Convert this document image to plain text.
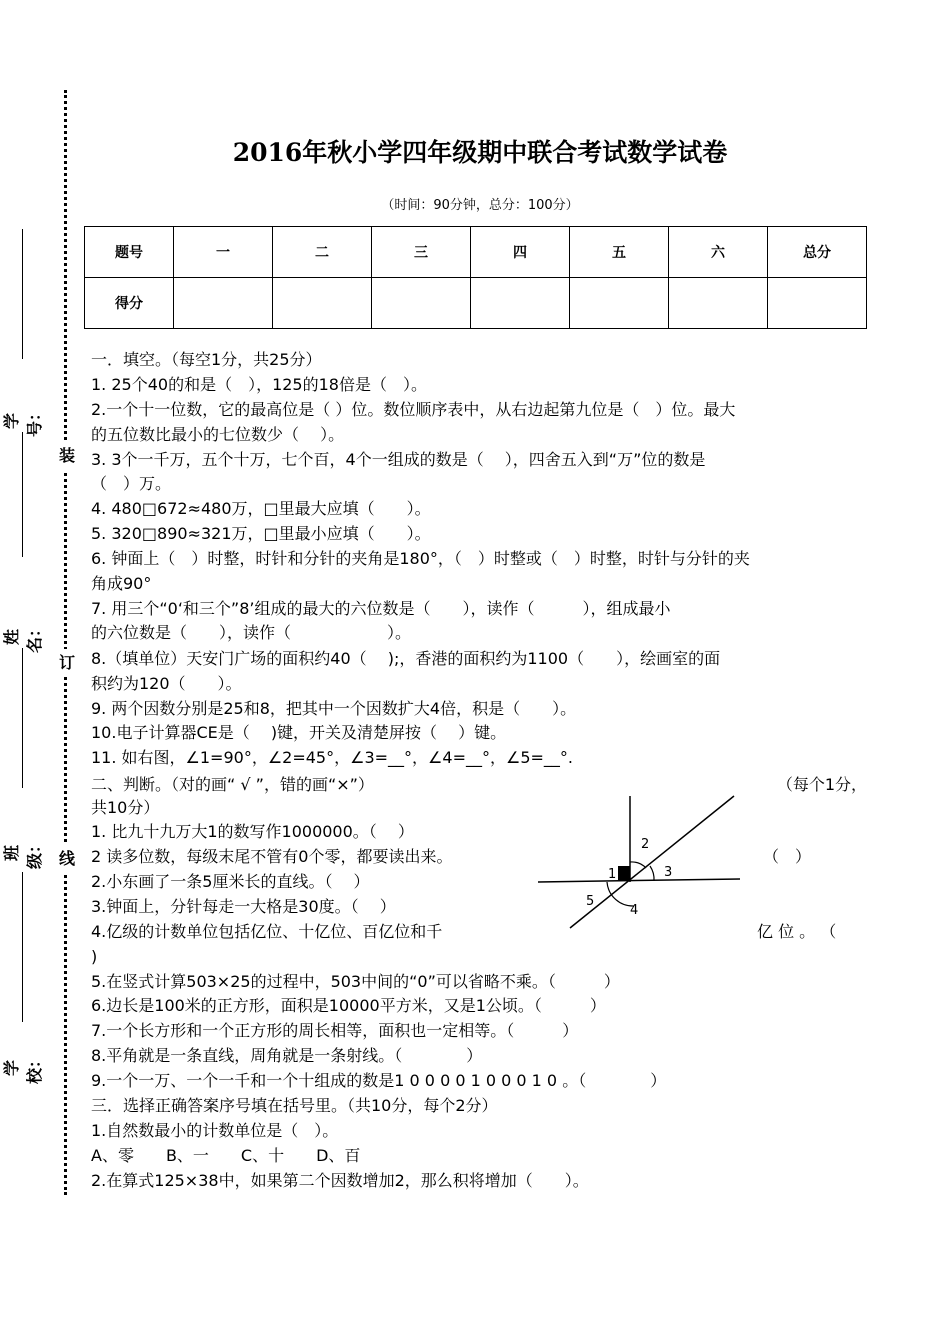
装
订
线
学号：
姓名：
班级：
学校：
2016年秋小学四年级期中联合考试数学试卷
（时间：90分钟，总分：100分）
题号	一	二	三	四	五	六	总分
得分							
一．填空。（每空1分，共25分）
1. 25个40的和是（　），125的18倍是（　）。
2.一个十一位数，它的最高位是（ ）位。数位顺序表中，从右边起第九位是（　）位。最大
的五位数比最小的七位数少（　 ）。
3. 3个一千万，五个十万，七个百，4个一组成的数是（　 ），四舍五入到“万”位的数是
（　）万。
4. 480□672≈480万，□里最大应填（　　）。
5. 320□890≈321万，□里最小应填（　　）。
6. 钟面上（　）时整，时针和分针的夹角是180°，（　）时整或（　）时整，时针与分针的夹
角成90°
7. 用三个“0‘和三个”8’组成的最大的六位数是（　　），读作（　　　），组成最小
的六位数是（　　），读作（　　　　　　）。
8.（填单位）天安门广场的面积约40（　 );，香港的面积约为1100（　　），绘画室的面
积约为120（　　）。
9. 两个因数分别是25和8，把其中一个因数扩大4倍，积是（　　）。
10.电子计算器CE是（　 )键，开关及清楚屏按（　 ）键。
11. 如右图，∠1=90°，∠2=45°，∠3=__°，∠4=__°，∠5=__°.
二、判断。（对的画“ √ ”，错的画“×”）	（每个1分，
共10分）
1. 比九十九万大1的数写作1000000。（　 ）
2 读多位数，每级末尾不管有0个零，都要读出来。	（　）
2.小东画了一条5厘米长的直线。（　 ）
3.钟面上，分针每走一大格是30度。（　 ）
4.亿级的计数单位包括亿位、十亿位、百亿位和千	亿 位 。 （
)
5.在竖式计算503×25的过程中，503中间的“0”可以省略不乘。（　　　）
6.边长是100米的正方形，面积是10000平方米，又是1公顷。（　　　）
7.一个长方形和一个正方形的周长相等，面积也一定相等。（　　　）
8.平角就是一条直线，周角就是一条射线。（　　　　）
9.一个一万、一个一千和一个十组成的数是1 0 0 0 0 1 0 0 0 1 0 。（　　　　）
三．选择正确答案序号填在括号里。（共10分，每个2分）
1.自然数最小的计数单位是（　）。
A、零　　B、一　　C、十　　D、百
2.在算式125×38中，如果第二个因数增加2，那么积将增加（　　）。
1
2
3
4
5
